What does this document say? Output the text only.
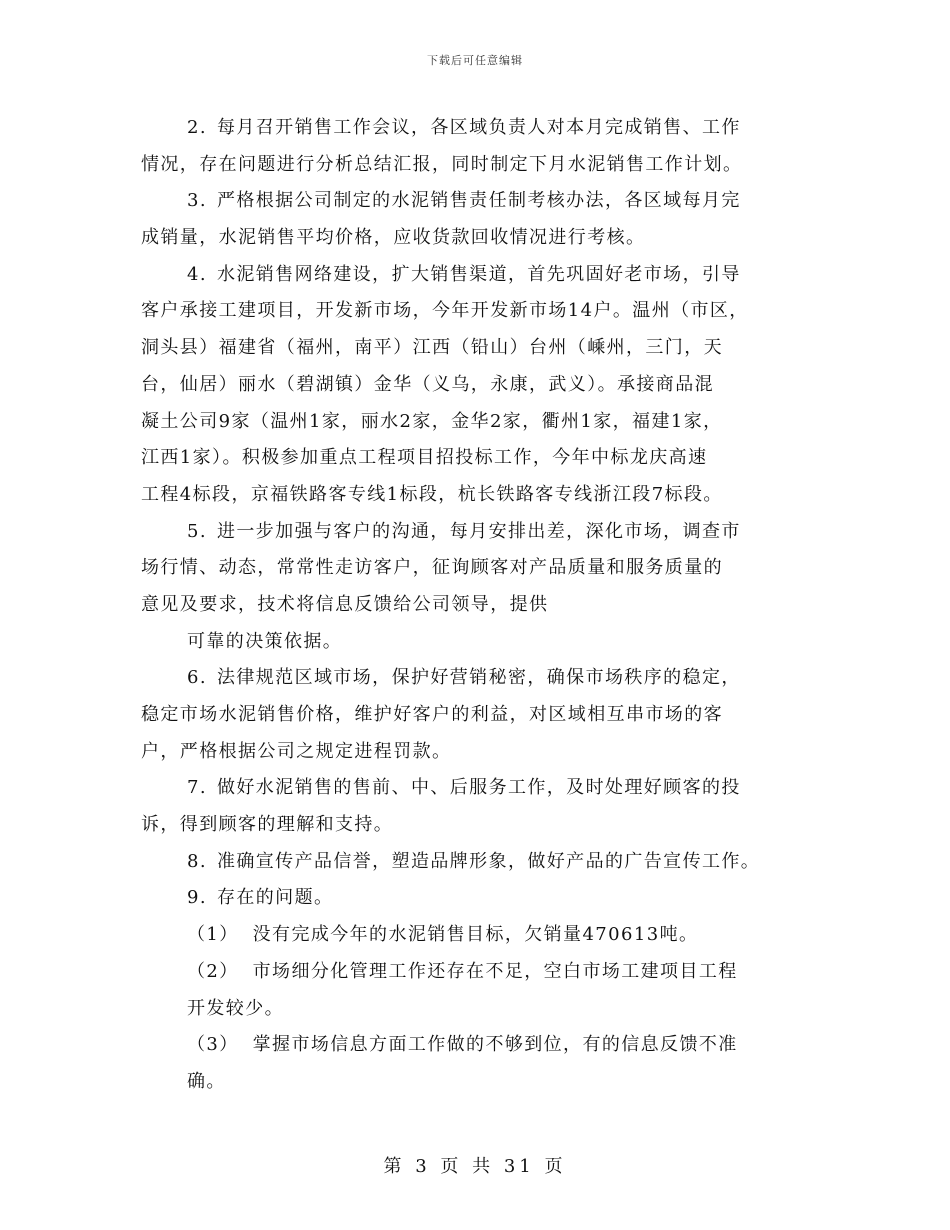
下载后可任意编辑
2. 每月召开销售工作会议，各区域负责人对本月完成销售、工作
情况，存在问题进行分析总结汇报，同时制定下月水泥销售工作计划。
3. 严格根据公司制定的水泥销售责任制考核办法，各区域每月完
成销量，水泥销售平均价格，应收货款回收情况进行考核。
4. 水泥销售网络建设，扩大销售渠道，首先巩固好老市场，引导
客户承接工建项目，开发新市场，今年开发新市场14户。温州（市区，
洞头县）福建省（福州，南平）江西（铅山）台州（嵊州，三门，天
台，仙居）丽水（碧湖镇）金华（义乌，永康，武义）。承接商品混
凝土公司9家（温州1家，丽水2家，金华2家，衢州1家，福建1家，
江西1家）。积极参加重点工程项目招投标工作，今年中标龙庆高速
工程4标段，京福铁路客专线1标段，杭长铁路客专线浙江段7标段。
5. 进一步加强与客户的沟通，每月安排出差，深化市场，调查市
场行情、动态，常常性走访客户，征询顾客对产品质量和服务质量的
意见及要求，技术将信息反馈给公司领导，提供
可靠的决策依据。
6. 法律规范区域市场，保护好营销秘密，确保市场秩序的稳定，
稳定市场水泥销售价格，维护好客户的利益，对区域相互串市场的客
户，严格根据公司之规定进程罚款。
7. 做好水泥销售的售前、中、后服务工作，及时处理好顾客的投
诉，得到顾客的理解和支持。
8. 准确宣传产品信誉，塑造品牌形象，做好产品的广告宣传工作。
9. 存在的问题。
（1） 没有完成今年的水泥销售目标，欠销量470613吨。
（2） 市场细分化管理工作还存在不足，空白市场工建项目工程
开发较少。
（3） 掌握市场信息方面工作做的不够到位，有的信息反馈不准
确。
第 3 页 共 31 页
